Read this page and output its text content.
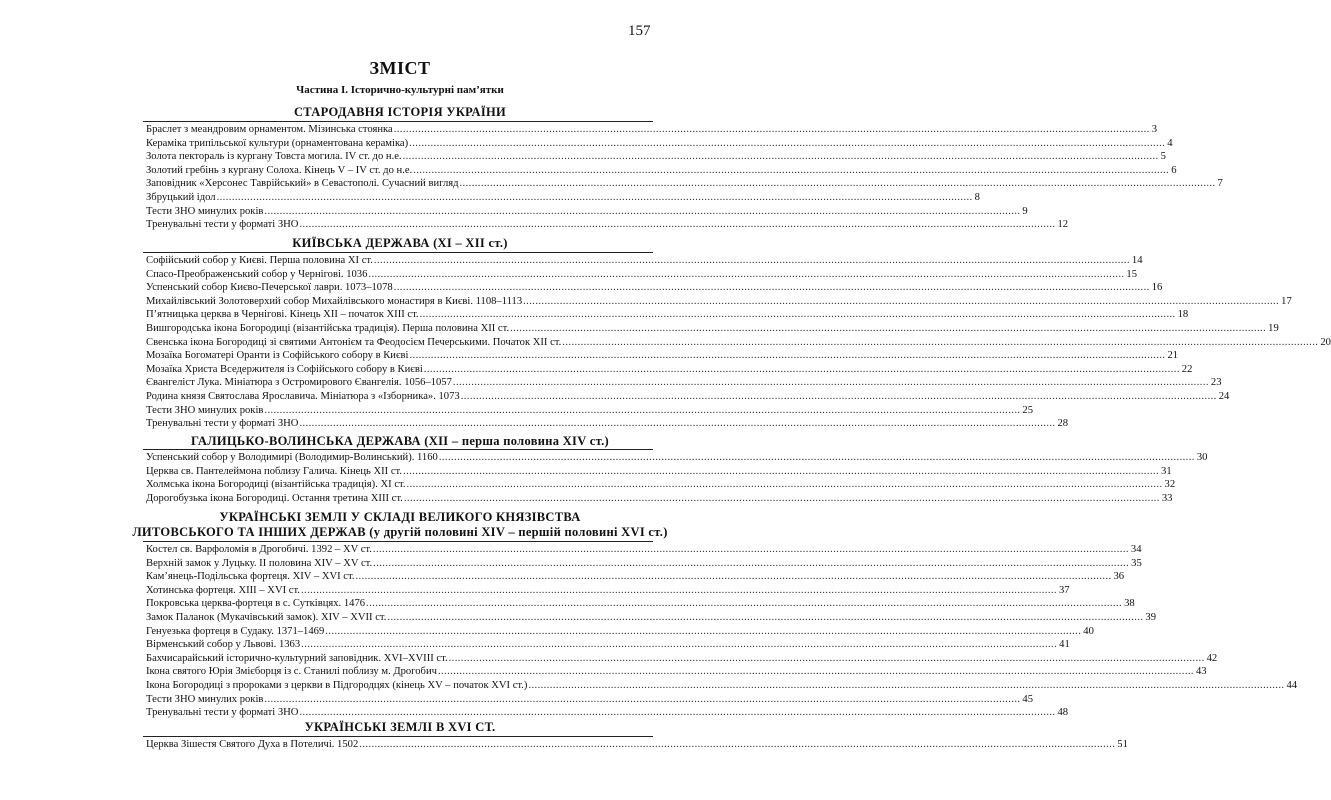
157
ЗМІСТ
Частина І. Історично-культурні пам’ятки
СТАРОДАВНЯ ІСТОРІЯ УКРАЇНИ
Браслет з меандровим орнаментом. Мізинська стоянка .....	3
Кераміка трипільської культури (орнаментована кераміка) .....	4
Золота пектораль із кургану Товста могила. IV ст. до н.е. .....	5
Золотий гребінь з кургану Солоха. Кінець V – IV ст. до н.е. .....	6
Заповідник «Херсонес Таврійський» в Севастополі. Сучасний вигляд .....	7
Збруцький ідол .....	8
Тести ЗНО минулих років .....	9
Тренувальні тести у форматі ЗНО .....	12
КИЇВСЬКА ДЕРЖАВА (ХІ – ХІІ ст.)
Софійський собор у Києві. Перша половина ХІ ст. .....	14
Спасо-Преображенський собор у Чернігові. 1036 .....	15
Успенський собор Києво-Печерської лаври. 1073–1078 .....	16
Михайлівський Золотоверхий собор Михайлівського монастиря в Києві. 1108–1113 .....	17
П’ятницька церква в Чернігові. Кінець ХІІ – початок ХІІІ ст. .....	18
Вишгородська ікона Богородиці (візантійська традиція). Перша половина ХІІ ст. .....	19
Свенська ікона Богородиці зі святими Антонієм та Феодосієм Печерськими. Початок ХІІ ст. .....	20
Мозаїка Богоматері Оранти із Софійського собору в Києві .....	21
Мозаїка Христа Вседержителя із Софійського собору в Києві .....	22
Євангеліст Лука. Мініатюра з Остромирового Євангелія. 1056–1057 .....	23
Родина князя Святослава Ярославича. Мініатюра з «Ізборника». 1073 .....	24
Тести ЗНО минулих років .....	25
Тренувальні тести у форматі ЗНО .....	28
ГАЛИЦЬКО-ВОЛИНСЬКА ДЕРЖАВА (ХІІ – перша половина XIV ст.)
Успенський собор у Володимирі (Володимир-Волинський). 1160 .....	30
Церква св. Пантелеймона поблизу Галича. Кінець XII ст. .....	31
Холмська ікона Богородиці (візантійська традиція). ХІ ст. .....	32
Дорогобузька ікона Богородиці. Остання третина XIII ст. .....	33
УКРАЇНСЬКІ ЗЕМЛІ У СКЛАДІ ВЕЛИКОГО КНЯЗІВСТВА
ЛИТОВСЬКОГО ТА ІНШИХ ДЕРЖАВ (у другій половині XIV – першій половині XVI ст.)
Костел св. Варфоломія в Дрогобичі. 1392 – XV ст. .....	34
Верхній замок у Луцьку. ІІ половина XIV – XV ст. .....	35
Кам’янець-Подільська фортеця. XIV – XVI ст. .....	36
Хотинська фортеця. XIII – XVI ст. .....	37
Покровська церква-фортеця в с. Сутківцях. 1476 .....	38
Замок Паланок (Мукачівський замок). XIV – XVII ст. .....	39
Генуезька фортеця в Судаку. 1371–1469 .....	40
Вірменський собор у Львові. 1363 .....	41
Бахчисарайський історично-культурний заповідник. XVI–XVIII ст. .....	42
Ікона святого Юрія Змієборця із с. Станилі поблизу м. Дрогобич .....	43
Ікона Богородиці з пророками з церкви в Підгородцях (кінець XV – початок XVI ст.) .....	44
Тести ЗНО минулих років .....	45
Тренувальні тести у форматі ЗНО .....	48
УКРАЇНСЬКІ ЗЕМЛІ В XVI СТ.
Церква Зішестя Святого Духа в Потеличі. 1502 .....	51
